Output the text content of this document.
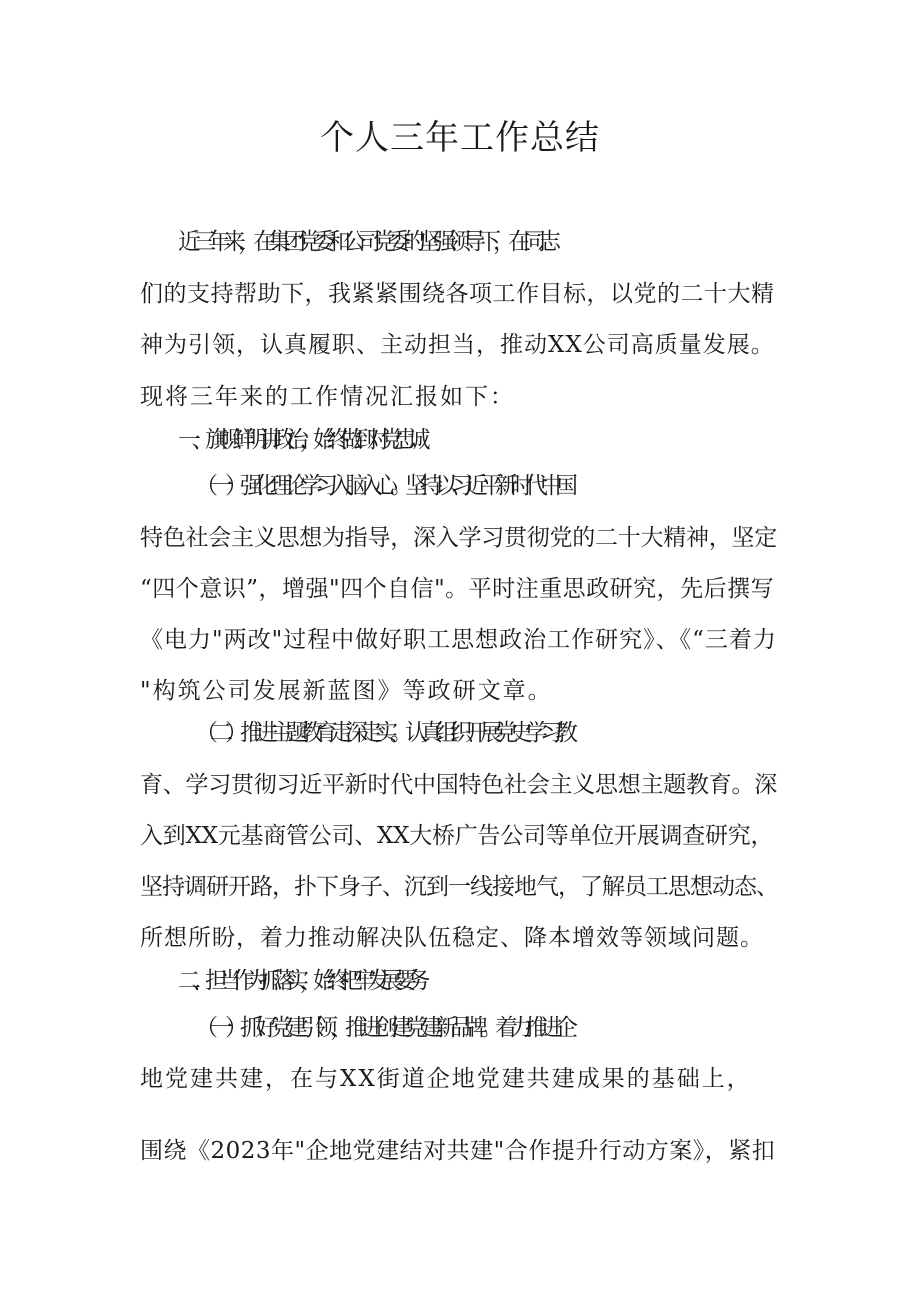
个人三年工作总结
近三年来，在集团党委和公司党委的坚强领导下，在同志
们的支持帮助下，我紧紧围绕各项工作目标，以党的二十大精
神为引领，认真履职、主动担当，推动XX公司高质量发展。
现将三年来的工作情况汇报如下：
一、旗帜鲜明讲政治，始终做到对党忠诚
（一）强化理论学习入脑入心。坚持以习近平新时代中国
特色社会主义思想为指导，深入学习贯彻党的二十大精神，坚定
“四个意识”，增强"四个自信"。平时注重思政研究，先后撰写
《电力"两改"过程中做好职工思想政治工作研究》、《“三着力
"构筑公司发展新蓝图》等政研文章。
（二）推进主题教育走深走实。认真组织开展党史学习教
育、学习贯彻习近平新时代中国特色社会主义思想主题教育。深
入到XX元基商管公司、XX大桥广告公司等单位开展调查研究，
坚持调研开路，扑下身子、沉到一线接地气，了解员工思想动态、
所想所盼，着力推动解决队伍稳定、降本增效等领域问题。
二、担当作为抓落实，始终把牢发展要务
（一）抓好党建引领，推进创建党建新品牌。着力推进企
地党建共建，在与XX街道企地党建共建成果的基础上，
围绕《2023年"企地党建结对共建"合作提升行动方案》，紧扣
